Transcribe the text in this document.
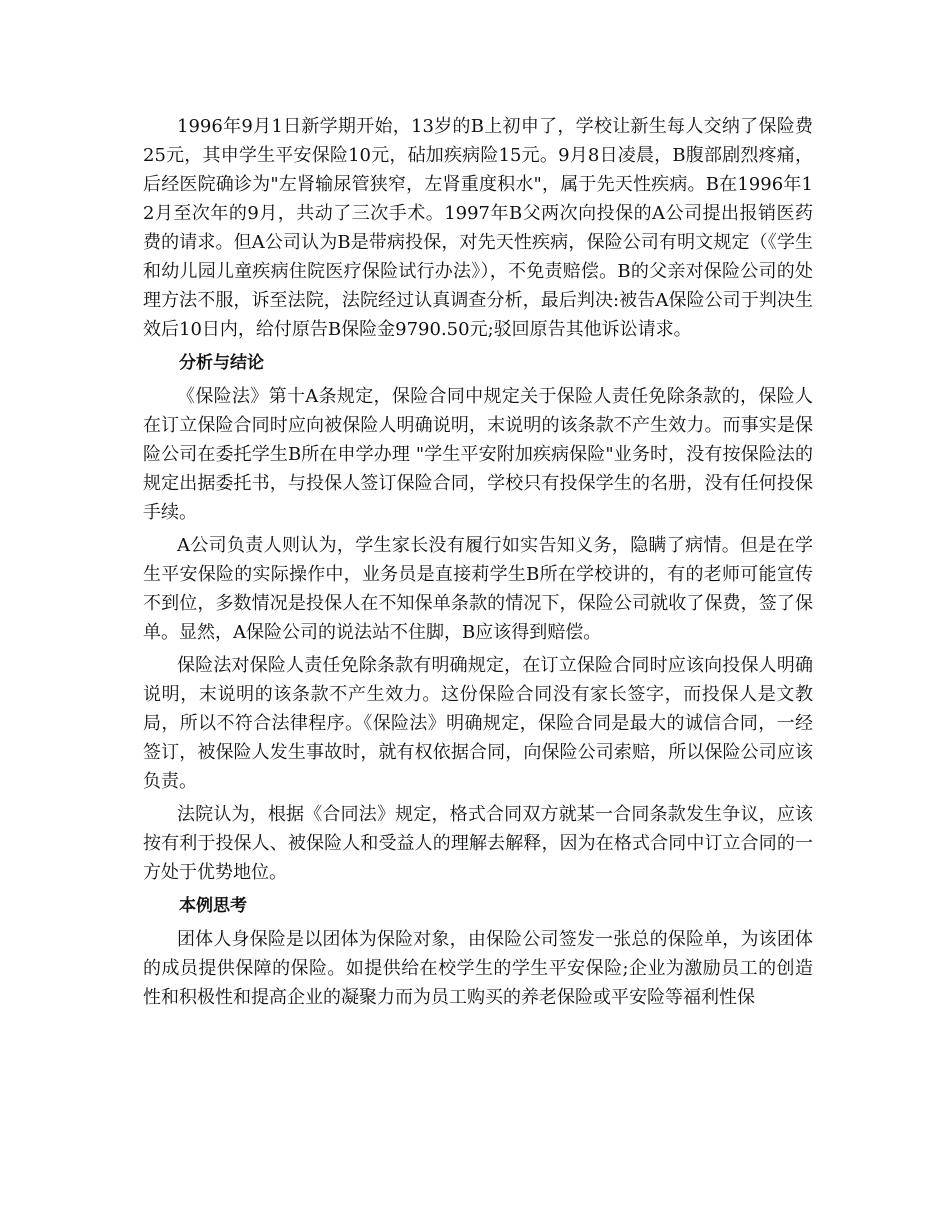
1996年9月1日新学期开始，13岁的B上初申了，学校让新生每人交纳了保险费25元，其申学生平安保险10元，砧加疾病险15元。9月8日凌晨，B腹部剧烈疼痛，后经医院确诊为"左肾输尿管狭窄，左肾重度积水"，属于先天性疾病。B在1996年12月至次年的9月，共动了三次手术。1997年B父两次向投保的A公司提出报销医药费的请求。但A公司认为B是带病投保，对先天性疾病，保险公司有明文规定（《学生和幼儿园儿童疾病住院医疗保险试行办法》），不免责赔偿。B的父亲对保险公司的处理方法不服，诉至法院，法院经过认真调查分析，最后判决:被告A保险公司于判决生效后10日内，给付原告B保险金9790.50元;驳回原告其他诉讼请求。

分析与结论

《保险法》第十A条规定，保险合同中规定关于保险人责任免除条款的，保险人在订立保险合同时应向被保险人明确说明，末说明的该条款不产生效力。而事实是保险公司在委托学生B所在申学办理 "学生平安附加疾病保险"业务时，没有按保险法的规定出据委托书，与投保人签订保险合同，学校只有投保学生的名册，没有任何投保手续。

A公司负责人则认为，学生家长没有履行如实告知义务，隐瞒了病情。但是在学生平安保险的实际操作中，业务员是直接莉学生B所在学校讲的，有的老师可能宣传不到位，多数情况是投保人在不知保单条款的情况下，保险公司就收了保费，签了保单。显然，A保险公司的说法站不住脚，B应该得到赔偿。

保险法对保险人责任免除条款有明确规定，在订立保险合同时应该向投保人明确说明，末说明的该条款不产生效力。这份保险合同没有家长签字，而投保人是文教局，所以不符合法律程序。《保险法》明确规定，保险合同是最大的诚信合同，一经签订，被保险人发生事故时，就有权依据合同，向保险公司索赔，所以保险公司应该负责。

法院认为，根据《合同法》规定，格式合同双方就某一合同条款发生争议，应该按有利于投保人、被保险人和受益人的理解去解释，因为在格式合同中订立合同的一方处于优势地位。

本例思考

团体人身保险是以团体为保险对象，由保险公司签发一张总的保险单，为该团体的成员提供保障的保险。如提供给在校学生的学生平安保险;企业为激励员工的创造性和积极性和提高企业的凝聚力而为员工购买的养老保险或平安险等福利性保
